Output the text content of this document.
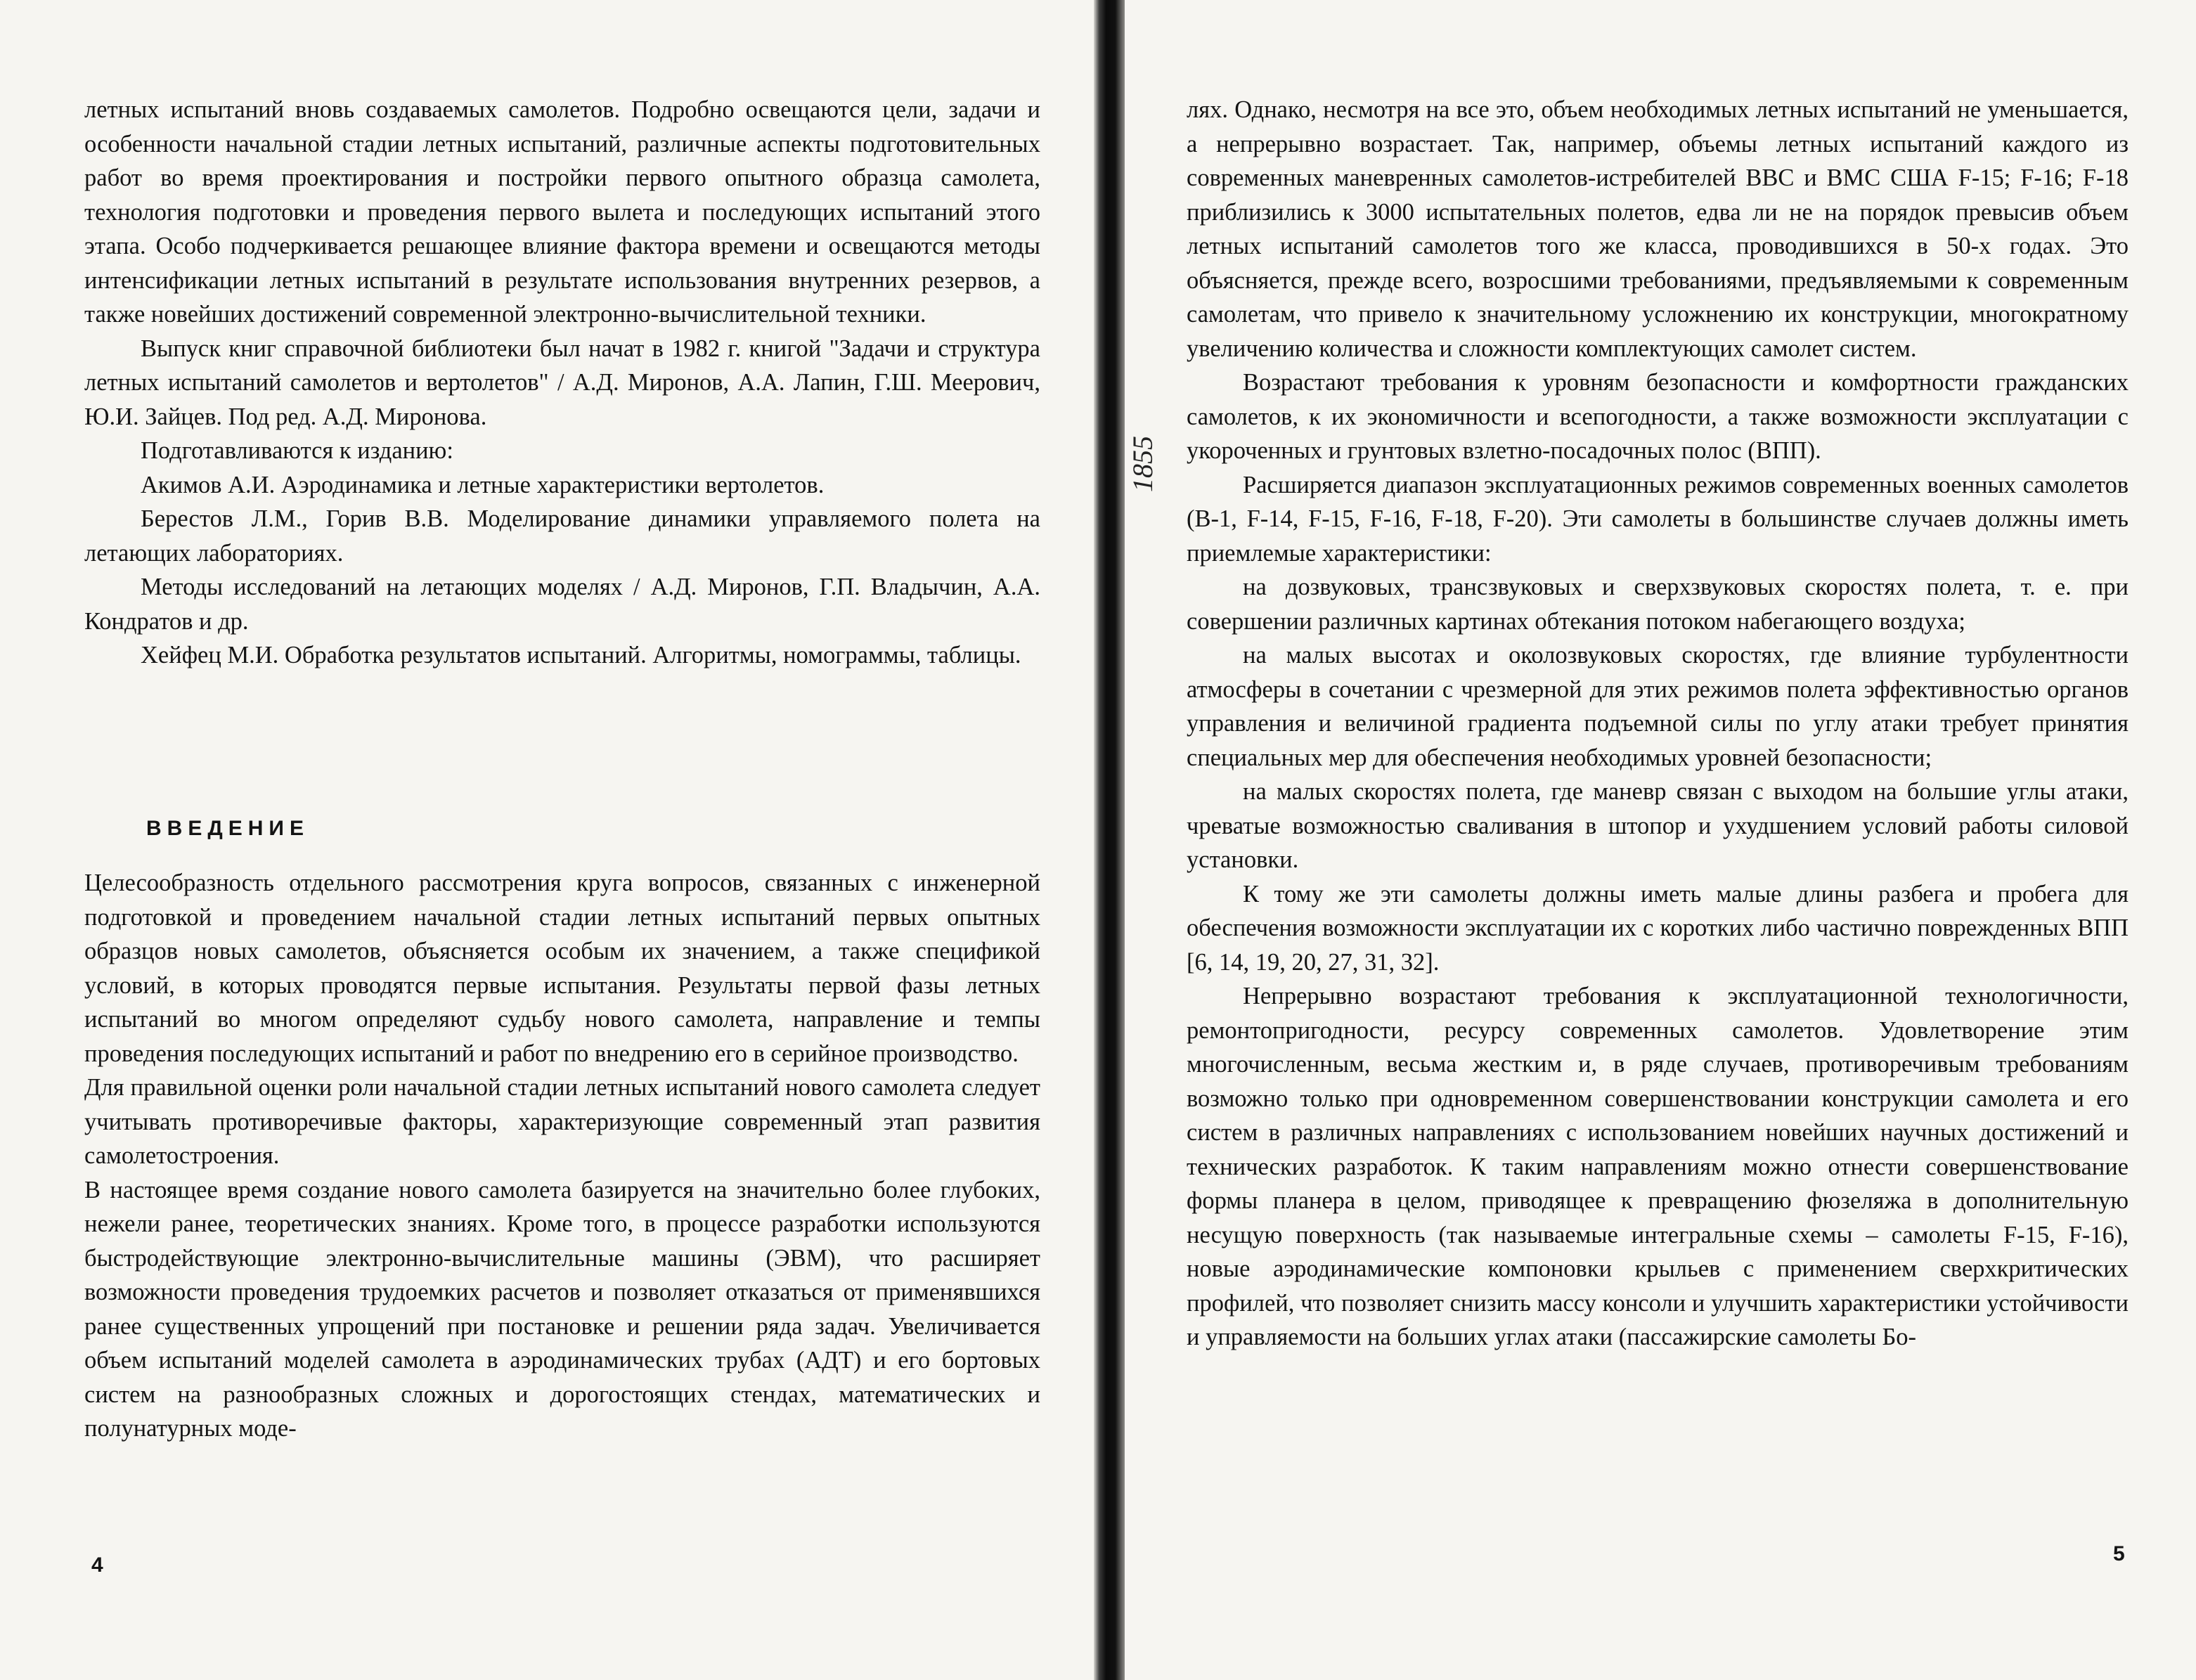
летных испытаний вновь создаваемых самолетов. Подробно освещаются цели, задачи и особенности начальной стадии летных испытаний, различные аспекты подготовительных работ во время проектирования и постройки первого опытного образца самолета, технология подготовки и проведения первого вылета и последующих испытаний этого этапа. Особо подчеркивается решающее влияние фактора времени и освещаются методы интенсификации летных испытаний в результате использования внутренних резервов, а также новейших достижений современной электронно-вычислительной техники.

Выпуск книг справочной библиотеки был начат в 1982 г. книгой "Задачи и структура летных испытаний самолетов и вертолетов" / А.Д. Миронов, А.А. Лапин, Г.Ш. Меерович, Ю.И. Зайцев. Под ред. А.Д. Миронова.

Подготавливаются к изданию:

Акимов А.И. Аэродинамика и летные характеристики вертолетов.

Берестов Л.М., Горив В.В. Моделирование динамики управляемого полета на летающих лабораториях.

Методы исследований на летающих моделях / А.Д. Миронов, Г.П. Владычин, А.А. Кондратов и др.

Хейфец М.И. Обработка результатов испытаний. Алгоритмы, номограммы, таблицы.

ВВЕДЕНИЕ

Целесообразность отдельного рассмотрения круга вопросов, связанных с инженерной подготовкой и проведением начальной стадии летных испытаний первых опытных образцов новых самолетов, объясняется особым их значением, а также спецификой условий, в которых проводятся первые испытания. Результаты первой фазы летных испытаний во многом определяют судьбу нового самолета, направление и темпы проведения последующих испытаний и работ по внедрению его в серийное производство.

Для правильной оценки роли начальной стадии летных испытаний нового самолета следует учитывать противоречивые факторы, характеризующие современный этап развития самолетостроения.

В настоящее время создание нового самолета базируется на значительно более глубоких, нежели ранее, теоретических знаниях. Кроме того, в процессе разработки используются быстродействующие электронно-вычислительные машины (ЭВМ), что расширяет возможности проведения трудоемких расчетов и позволяет отказаться от применявшихся ранее существенных упрощений при постановке и решении ряда задач. Увеличивается объем испытаний моделей самолета в аэродинамических трубах (АДТ) и его бортовых систем на разнообразных сложных и дорогостоящих стендах, математических и полунатурных моде-

4
1855

лях. Однако, несмотря на все это, объем необходимых летных испытаний не уменьшается, а непрерывно возрастает. Так, например, объемы летных испытаний каждого из современных маневренных самолетов-истребителей ВВС и ВМС США F-15; F-16; F-18 приблизились к 3000 испытательных полетов, едва ли не на порядок превысив объем летных испытаний самолетов того же класса, проводившихся в 50-х годах. Это объясняется, прежде всего, возросшими требованиями, предъявляемыми к современным самолетам, что привело к значительному усложнению их конструкции, многократному увеличению количества и сложности комплектующих самолет систем.

Возрастают требования к уровням безопасности и комфортности гражданских самолетов, к их экономичности и всепогодности, а также возможности эксплуатации с укороченных и грунтовых взлетно-посадочных полос (ВПП).

Расширяется диапазон эксплуатационных режимов современных военных самолетов (В-1, F-14, F-15, F-16, F-18, F-20). Эти самолеты в большинстве случаев должны иметь приемлемые характеристики:

на дозвуковых, трансзвуковых и сверхзвуковых скоростях полета, т. е. при совершении различных картинах обтекания потоком набегающего воздуха;

на малых высотах и околозвуковых скоростях, где влияние турбулентности атмосферы в сочетании с чрезмерной для этих режимов полета эффективностью органов управления и величиной градиента подъемной силы по углу атаки требует принятия специальных мер для обеспечения необходимых уровней безопасности;

на малых скоростях полета, где маневр связан с выходом на большие углы атаки, чреватые возможностью сваливания в штопор и ухудшением условий работы силовой установки.

К тому же эти самолеты должны иметь малые длины разбега и пробега для обеспечения возможности эксплуатации их с коротких либо частично поврежденных ВПП [6, 14, 19, 20, 27, 31, 32].

Непрерывно возрастают требования к эксплуатационной технологичности, ремонтопригодности, ресурсу современных самолетов. Удовлетворение этим многочисленным, весьма жестким и, в ряде случаев, противоречивым требованиям возможно только при одновременном совершенствовании конструкции самолета и его систем в различных направлениях с использованием новейших научных достижений и технических разработок. К таким направлениям можно отнести совершенствование формы планера в целом, приводящее к превращению фюзеляжа в дополнительную несущую поверхность (так называемые интегральные схемы – самолеты F-15, F-16), новые аэродинамические компоновки крыльев с применением сверхкритических профилей, что позволяет снизить массу консоли и улучшить характеристики устойчивости и управляемости на больших углах атаки (пассажирские самолеты Бо-

5
